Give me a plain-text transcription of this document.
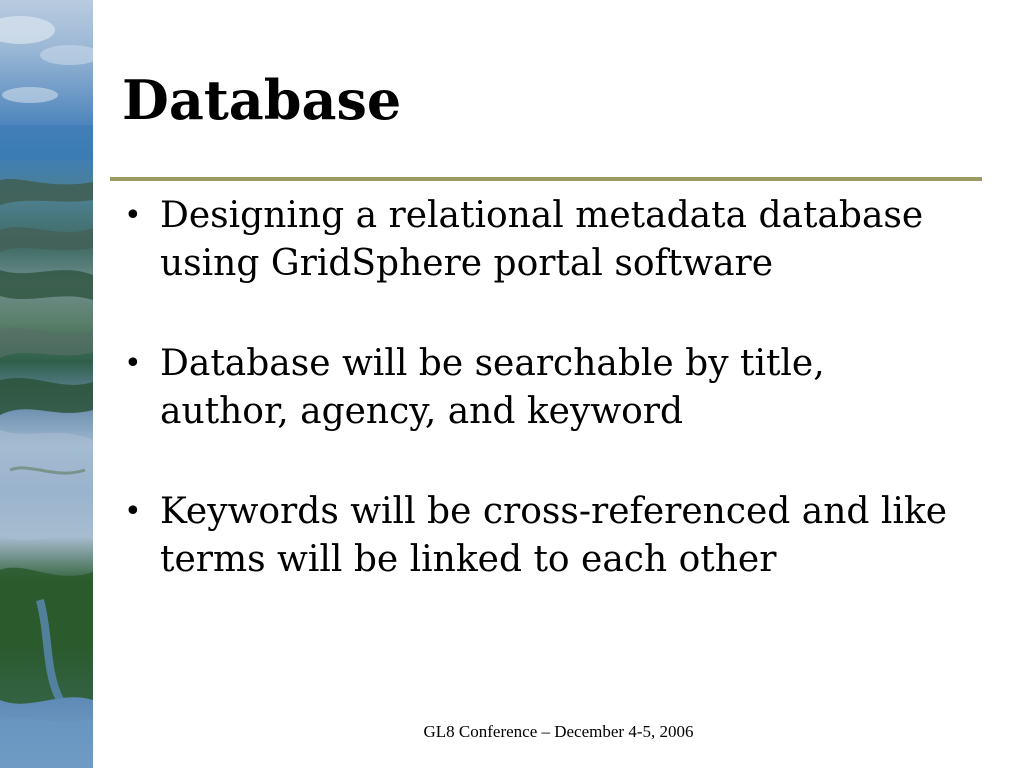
Database
• Designing a relational metadata database using GridSphere portal software
• Database will be searchable by title, author, agency, and keyword
• Keywords will be cross-referenced and like terms will be linked to each other
GL8 Conference – December 4-5, 2006
